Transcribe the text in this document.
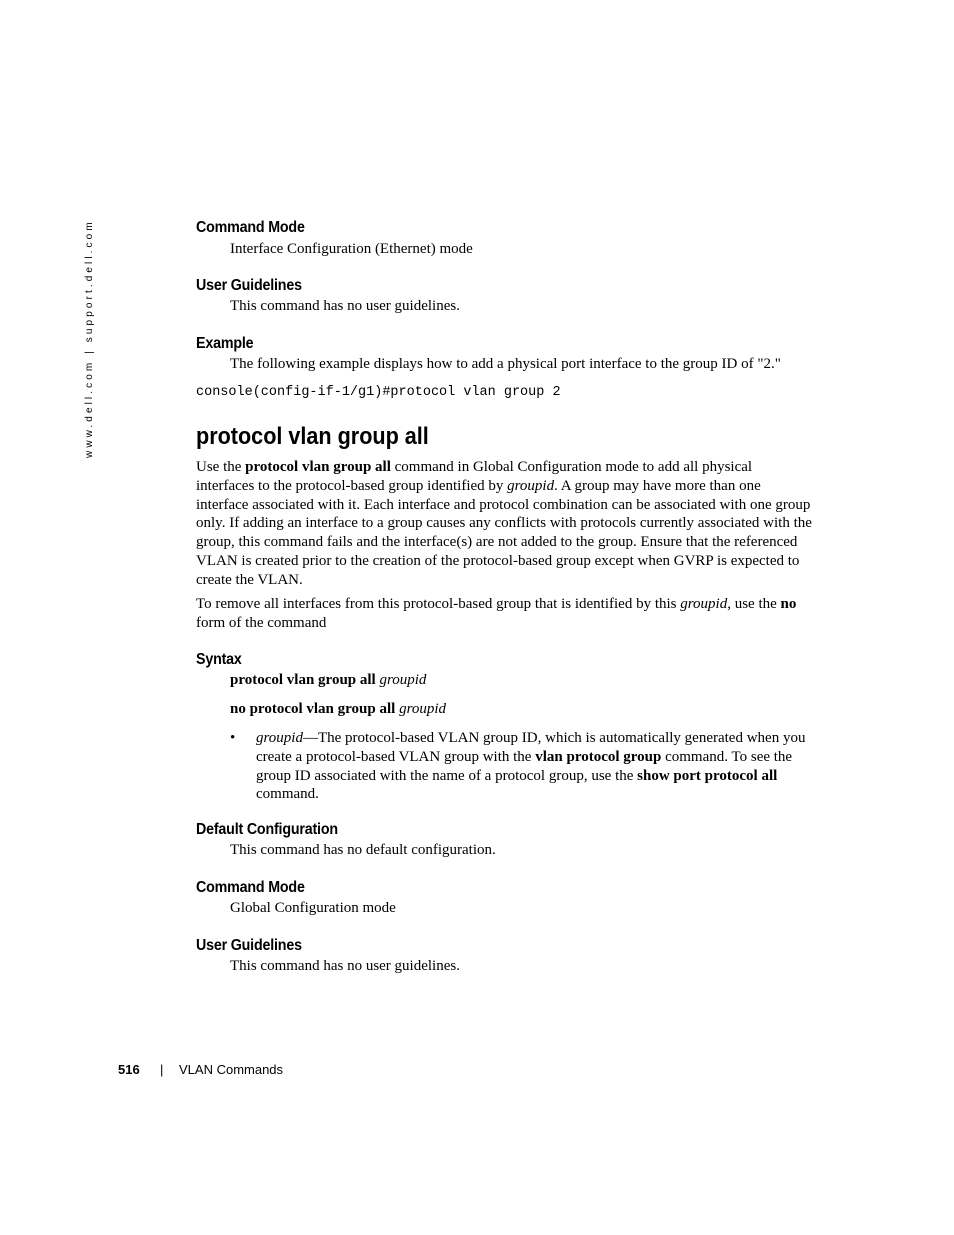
www.dell.com | support.dell.com	Command Mode

Interface Configuration (Ethernet) mode

User Guidelines

This command has no user guidelines.

Example

The following example displays how to add a physical port interface to the group ID of "2."

console(config-if-1/g1)#protocol vlan group 2

protocol vlan group all

Use the protocol vlan group all command in Global Configuration mode to add all physical interfaces to the protocol-based group identified by groupid. A group may have more than one interface associated with it. Each interface and protocol combination can be associated with one group only. If adding an interface to a group causes any conflicts with protocols currently associated with the group, this command fails and the interface(s) are not added to the group. Ensure that the referenced VLAN is created prior to the creation of the protocol-based group except when GVRP is expected to create the VLAN.

To remove all interfaces from this protocol-based group that is identified by this groupid, use the no form of the command

Syntax

protocol vlan group all groupid

no protocol vlan group all groupid

• groupid—The protocol-based VLAN group ID, which is automatically generated when you create a protocol-based VLAN group with the vlan protocol group command. To see the group ID associated with the name of a protocol group, use the show port protocol all command.
Default Configuration

This command has no default configuration.

Command Mode

Global Configuration mode

User Guidelines

This command has no user guidelines.

516 | VLAN Commands
